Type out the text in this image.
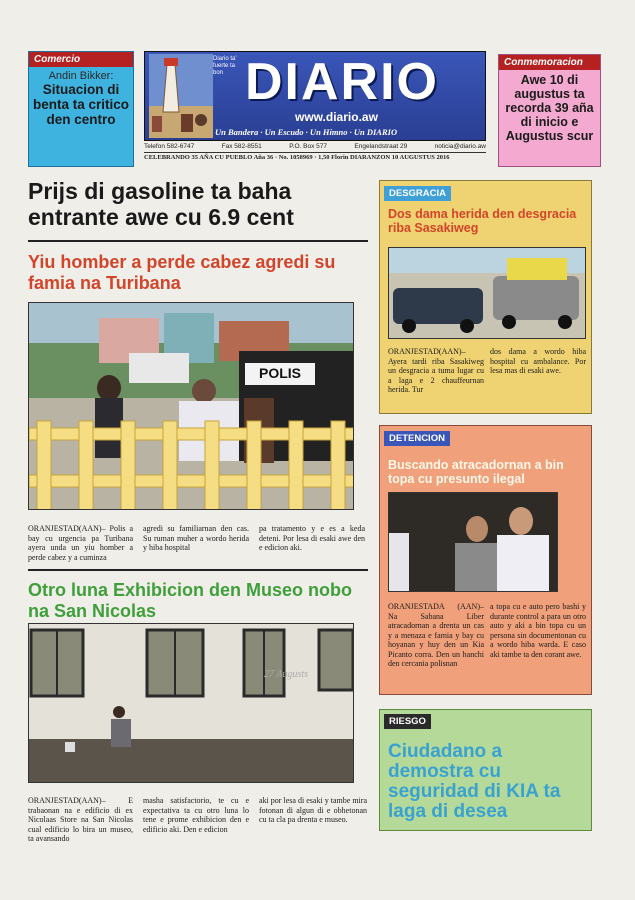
Comercio
Andin Bikker:
Situacion di benta ta critico den centro
Diario ta’ fuerte ta bon DIARIO
www.diario.aw
Un Bandera · Un Escudo · Un Himno · Un DIARIO
Telefon 582-6747	Fax 582-8551	P.O. Box 577	Engelandstraat 29	noticia@diario.aw
CELEBRANDO 35 AÑA CU PUEBLO Aña 36 · No. 1058969 · 1,50 Florin DIARANZON 10 AUGUSTUS 2016
Conmemoracion
Awe 10 di augustus ta recorda 39 aña di inicio e Augustus scur
Prijs di gasoline ta baha entrante awe cu 6.9 cent
Yiu homber a perde cabez agredi su famia na Turibana
POLIS
ORANJESTAD(AAN)– Polis a bay cu urgencia pa Turibana ayera unda un yiu homber a perde cabez y a cuminza
agredi su familiarnan den cas. Su ruman muher a wordo herida y hiba hospital
pa tratamento y e es a keda deteni. Por lesa di esaki awe den e edicion aki.
Otro luna Exhibicion den Museo nobo na San Nicolas
27 Augusts
ORANJESTAD(AAN)– E trabaonan na e edificio di ex Nicolaas Store na San Nicolas cual edificio lo bira un museo, ta avansando
masha satisfactorio, te cu e expectativa ta cu otro luna lo tene e prome exhibicion den e edificio aki. Den e edicion
aki por lesa di esaki y tambe mira fotonan di algun di e obhetonan cu ta cla pa drenta e museo.
DESGRACIA
Dos dama herida den desgracia riba Sasakiweg
ORANJESTAD(AAN)– Ayera tardi riba Sasakiweg un desgracia a tuma lugar cu a laga e 2 chauffeurnan herida. Tur
dos dama a wordo hiba hospital cu ambalance. Por lesa mas di esaki awe.
DETENCION
Buscando atracadornan a bin topa cu presunto ilegal
ORANJESTADA (AAN)– Na Sabana Liber atracadornan a drenta un cas y a menaza e famia y bay cu hoyanan y huy den un Kia Picanto corra. Den un hanchi den cercania polisnan
a topa cu e auto pero bashi y durante control a para un otro auto y aki a bin topa cu un persona sin documentonan cu a wordo hiba warda. E caso aki tambe ta den corant awe.
RIESGO
Ciudadano a demostra cu seguridad di KIA ta laga di desea
